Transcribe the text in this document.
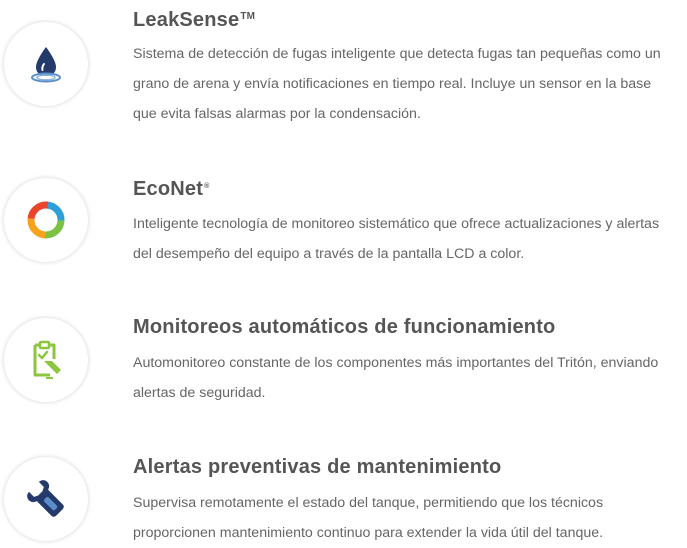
LeakSense™

Sistema de detección de fugas inteligente que detecta fugas tan pequeñas como un grano de arena y envía notificaciones en tiempo real. Incluye un sensor en la base que evita falsas alarmas por la condensación.

EcoNet®

Inteligente tecnología de monitoreo sistemático que ofrece actualizaciones y alertas del desempeño del equipo a través de la pantalla LCD a color.

Monitoreos automáticos de funcionamiento

Automonitoreo constante de los componentes más importantes del Tritón, enviando alertas de seguridad.

Alertas preventivas de mantenimiento

Supervisa remotamente el estado del tanque, permitiendo que los técnicos proporcionen mantenimiento continuo para extender la vida útil del tanque.
